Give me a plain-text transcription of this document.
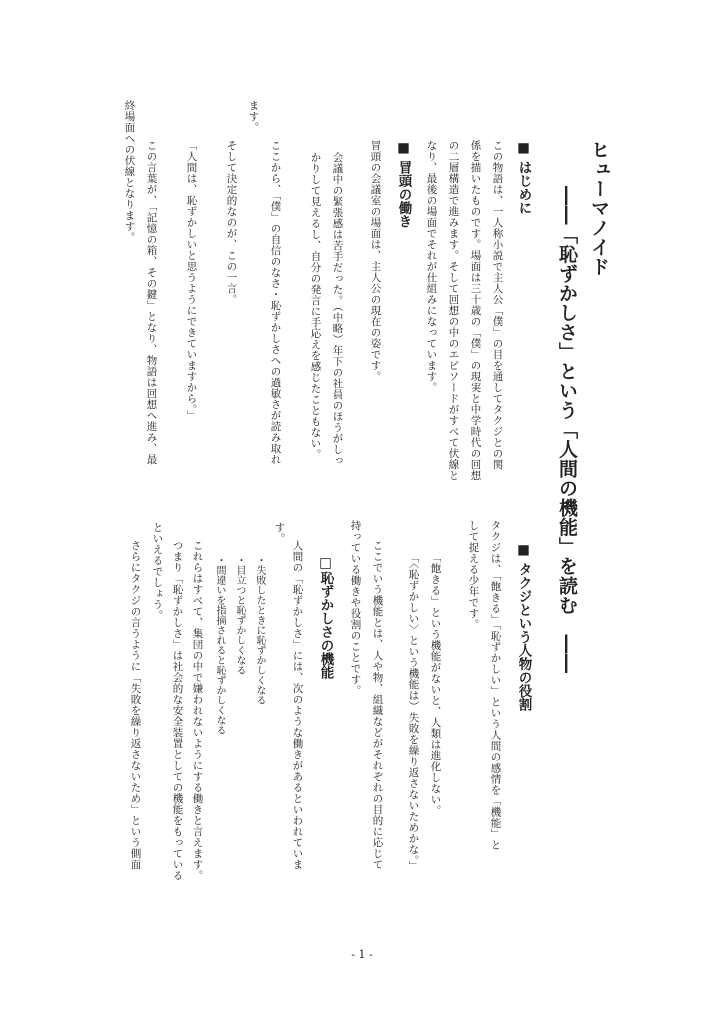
ヒューマノイド
――「恥ずかしさ」という「人間の機能」を読む　――
■ はじめに
この物語は、一人称小説で主人公「僕」の目を通してタクジとの関
係を描いたものです。場面は三十歳の「僕」の現実と中学時代の回想
の二層構造で進みます。そして回想の中のエピソードがすべて伏線と
なり、最後の場面でそれが仕組みになっています。
■ 冒頭の働き
冒頭の会議室の場面は、主人公の現在の姿です。
会議中の緊張感は苦手だった。（中略）年下の社員のほうがしっ
かりして見えるし、自分の発言に手応えを感じたこともない。
ここから、「僕」の自信のなさ・恥ずかしさへの過敏さが読み取れ
ます。
そして決定的なのが、この一言。
「人間は、恥ずかしいと思うようにできていますから。」
この言葉が、「記憶の箱、その鍵」となり、物語は回想へ進み、最
終場面への伏線となります。
■ タクジという人物の役割
タクジは、「飽きる」「恥ずかしい」という人間の感情を「機能」と
して捉える少年です。
「飽きる」という機能がないと、人類は進化しない。
「〈恥ずかしい〉という機能は）失敗を繰り返さないためかな。」
ここでいう機能とは、人や物、組織などがそれぞれの目的に応じて
持っている働きや役割のことです。
□恥ずかしさの機能
人間の「恥ずかしさ」には、次のような働きがあるといわれていま
す。
・失敗したときに恥ずかしくなる
・目立つと恥ずかしくなる
・間違いを指摘されると恥ずかしくなる
これらはすべて、集団の中で嫌われないようにする働きと言えます。
つまり「恥ずかしさ」は社会的な安全装置としての機能をもっている
といえるでしょう。
さらにタクジの言うように「失敗を繰り返さないため」という側面
- 1 -
